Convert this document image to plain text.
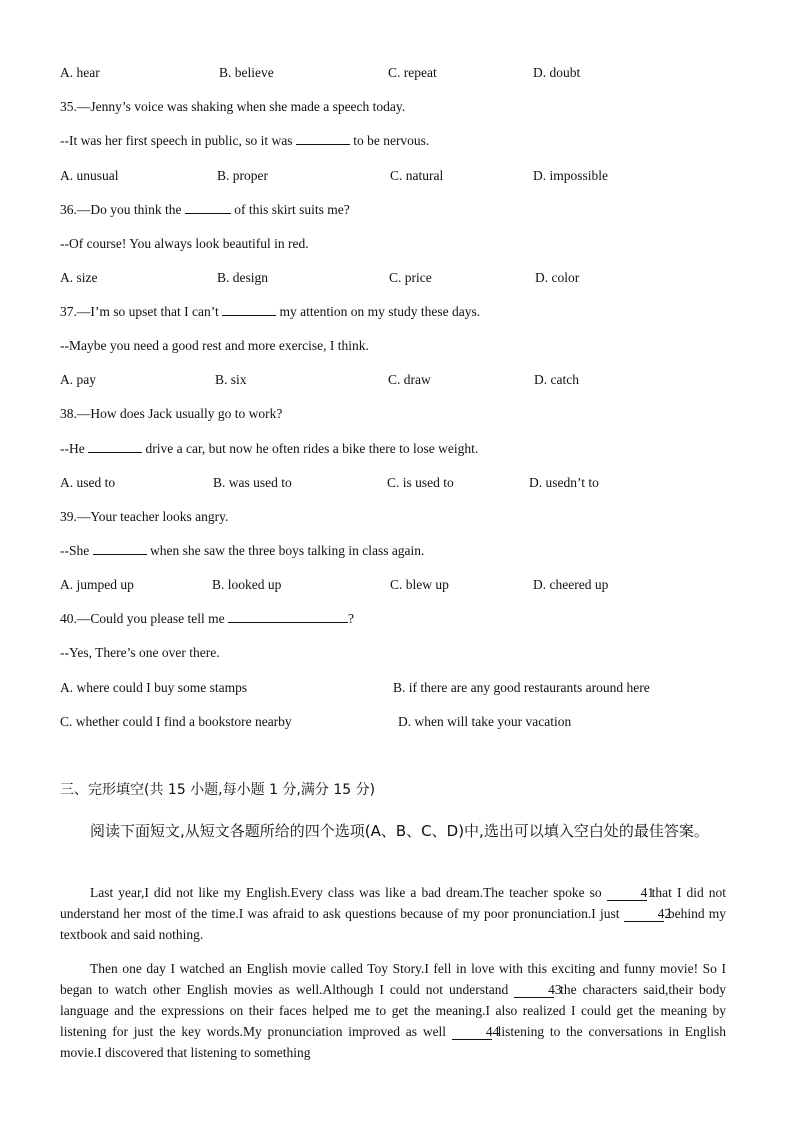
A. hear	B. believe	C. repeat	D. doubt
35.—Jenny’s voice was shaking when she made a speech today.
--It was her first speech in public, so it was	to be nervous.
A. unusual	B. proper	C. natural	D. impossible
36.—Do you think the	of this skirt suits me?
--Of course! You always look beautiful in red.
A. size	B. design	C. price	D. color
37.—I’m so upset that I can’t	my attention on my study these days.
--Maybe you need a good rest and more exercise, I think.
A. pay	B. six	C. draw	D. catch
38.—How does Jack usually go to work?
--He	drive a car, but now he often rides a bike there to lose weight.
A. used to	B. was used to	C. is used to	D. usedn’t to
39.—Your teacher looks angry.
--She	when she saw the three boys talking in class again.
A. jumped up	B. looked up	C. blew up	D. cheered up
40.—Could you please tell me	?
--Yes, There’s one over there.
A. where could I buy some stamps	B. if there are any good restaurants around here
C. whether could I find a bookstore nearby	D. when will take your vacation
三、完形填空(共 15 小题,每小题 1 分,满分 15 分)
阅读下面短文,从短文各题所给的四个选项(A、B、C、D)中,选出可以填入空白处的最佳答案。
Last year,I did not like my English.Every class was like a bad dream.The teacher spoke so	41 that I did not understand her most of the time.I was afraid to ask questions because of my poor pronunciation.I just	42 behind my textbook and said nothing.
Then one day I watched an English movie called Toy Story.I fell in love with this exciting and funny movie! So I began to watch other English movies as well.Although I could not understand	43 the characters said,their body language and the expressions on their faces helped me to get the meaning.I also realized I could get the meaning by listening for just the key words.My pronunciation improved as well	44 listening to the conversations in English movie.I discovered that listening to something
